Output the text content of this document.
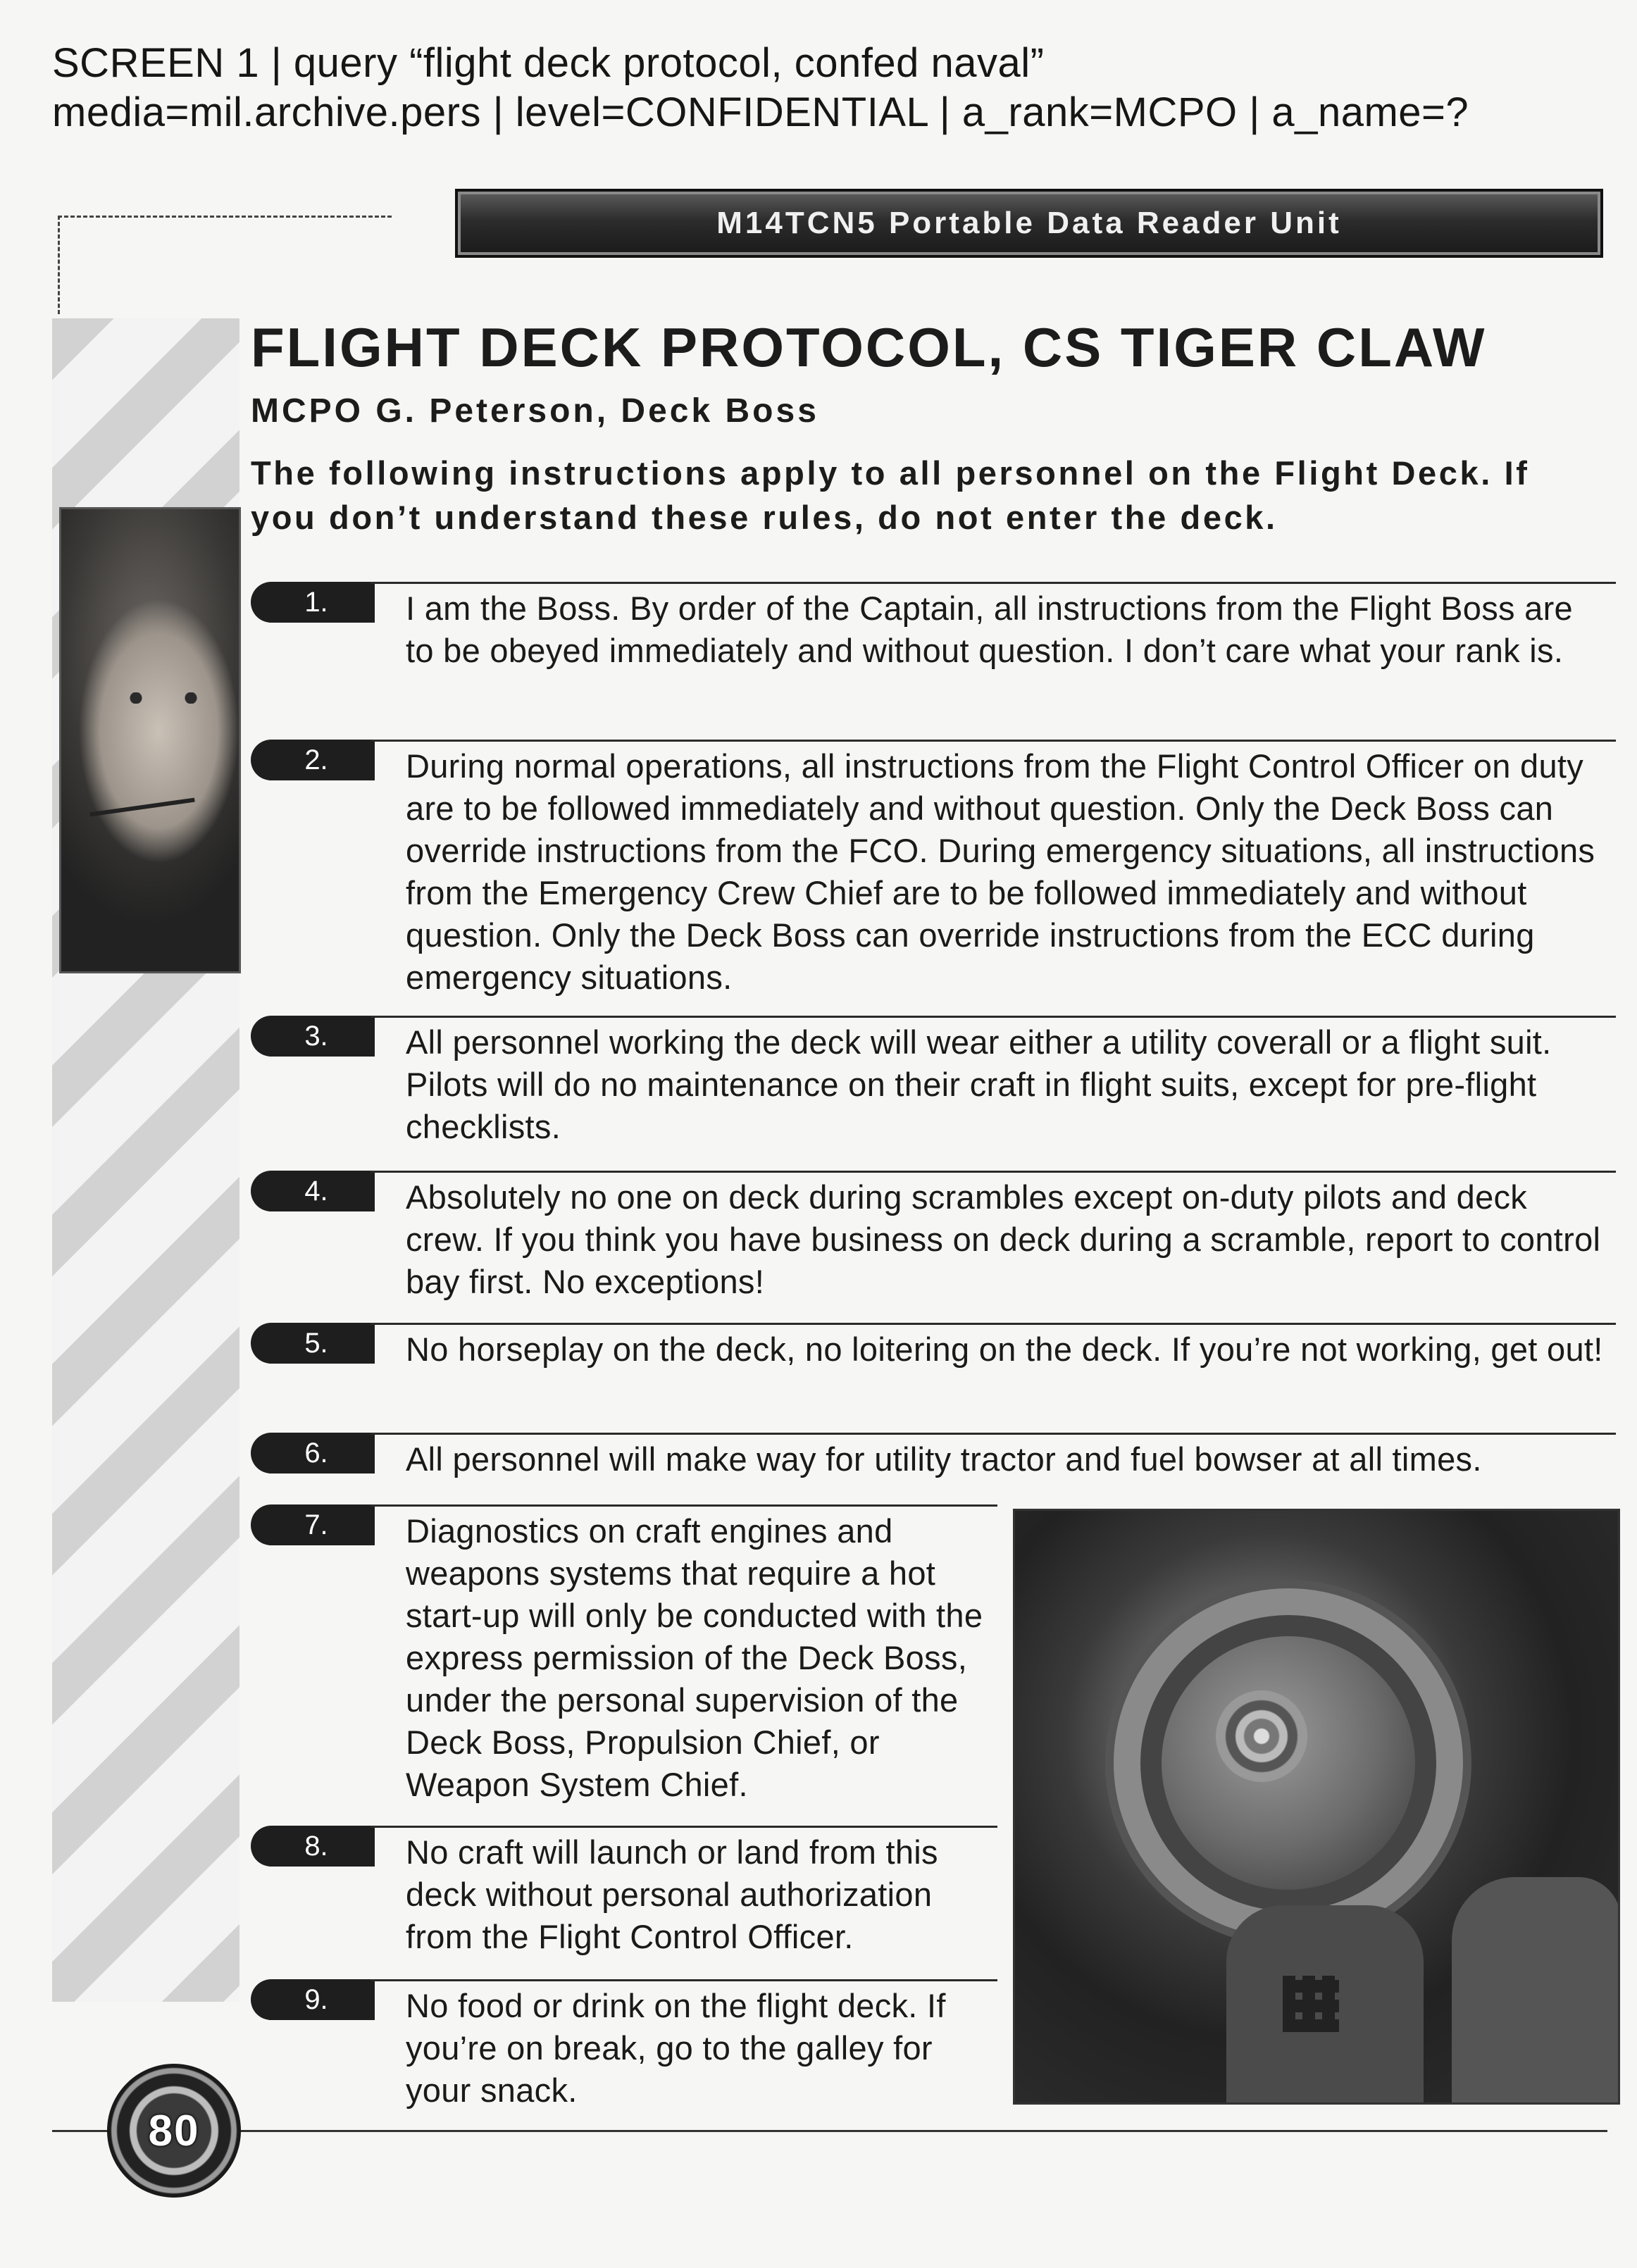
SCREEN 1 | query “flight deck protocol, confed naval”
media=mil.archive.pers | level=CONFIDENTIAL | a_rank=MCPO | a_name=?
M14TCN5 Portable Data Reader Unit
FLIGHT DECK PROTOCOL, CS TIGER CLAW
MCPO G. Peterson, Deck Boss
The following instructions apply to all personnel on the Flight Deck. If you don’t understand these rules, do not enter the deck.
1.	I am the Boss. By order of the Captain, all instructions from the Flight Boss are to be obeyed immediately and without question. I don’t care what your rank is.
2.	During normal operations, all instructions from the Flight Control Officer on duty are to be followed immediately and without question. Only the Deck Boss can override instructions from the FCO. During emergency situations, all instructions from the Emergency Crew Chief are to be followed immediately and without question. Only the Deck Boss can override instructions from the ECC during emergency situations.
3.	All personnel working the deck will wear either a utility coverall or a flight suit. Pilots will do no maintenance on their craft in flight suits, except for pre-flight checklists.
4.	Absolutely no one on deck during scrambles except on-duty pilots and deck crew. If you think you have business on deck during a scramble, report to control bay first. No exceptions!
5.	No horseplay on the deck, no loitering on the deck. If you’re not working, get out!
6.	All personnel will make way for utility tractor and fuel bowser at all times.
7.	Diagnostics on craft engines and weapons systems that require a hot start-up will only be conducted with the express permission of the Deck Boss, under the personal supervision of the Deck Boss, Propulsion Chief, or Weapon System Chief.
8.	No craft will launch or land from this deck without personal authorization from the Flight Control Officer.
9.	No food or drink on the flight deck. If you’re on break, go to the galley for your snack.
80
